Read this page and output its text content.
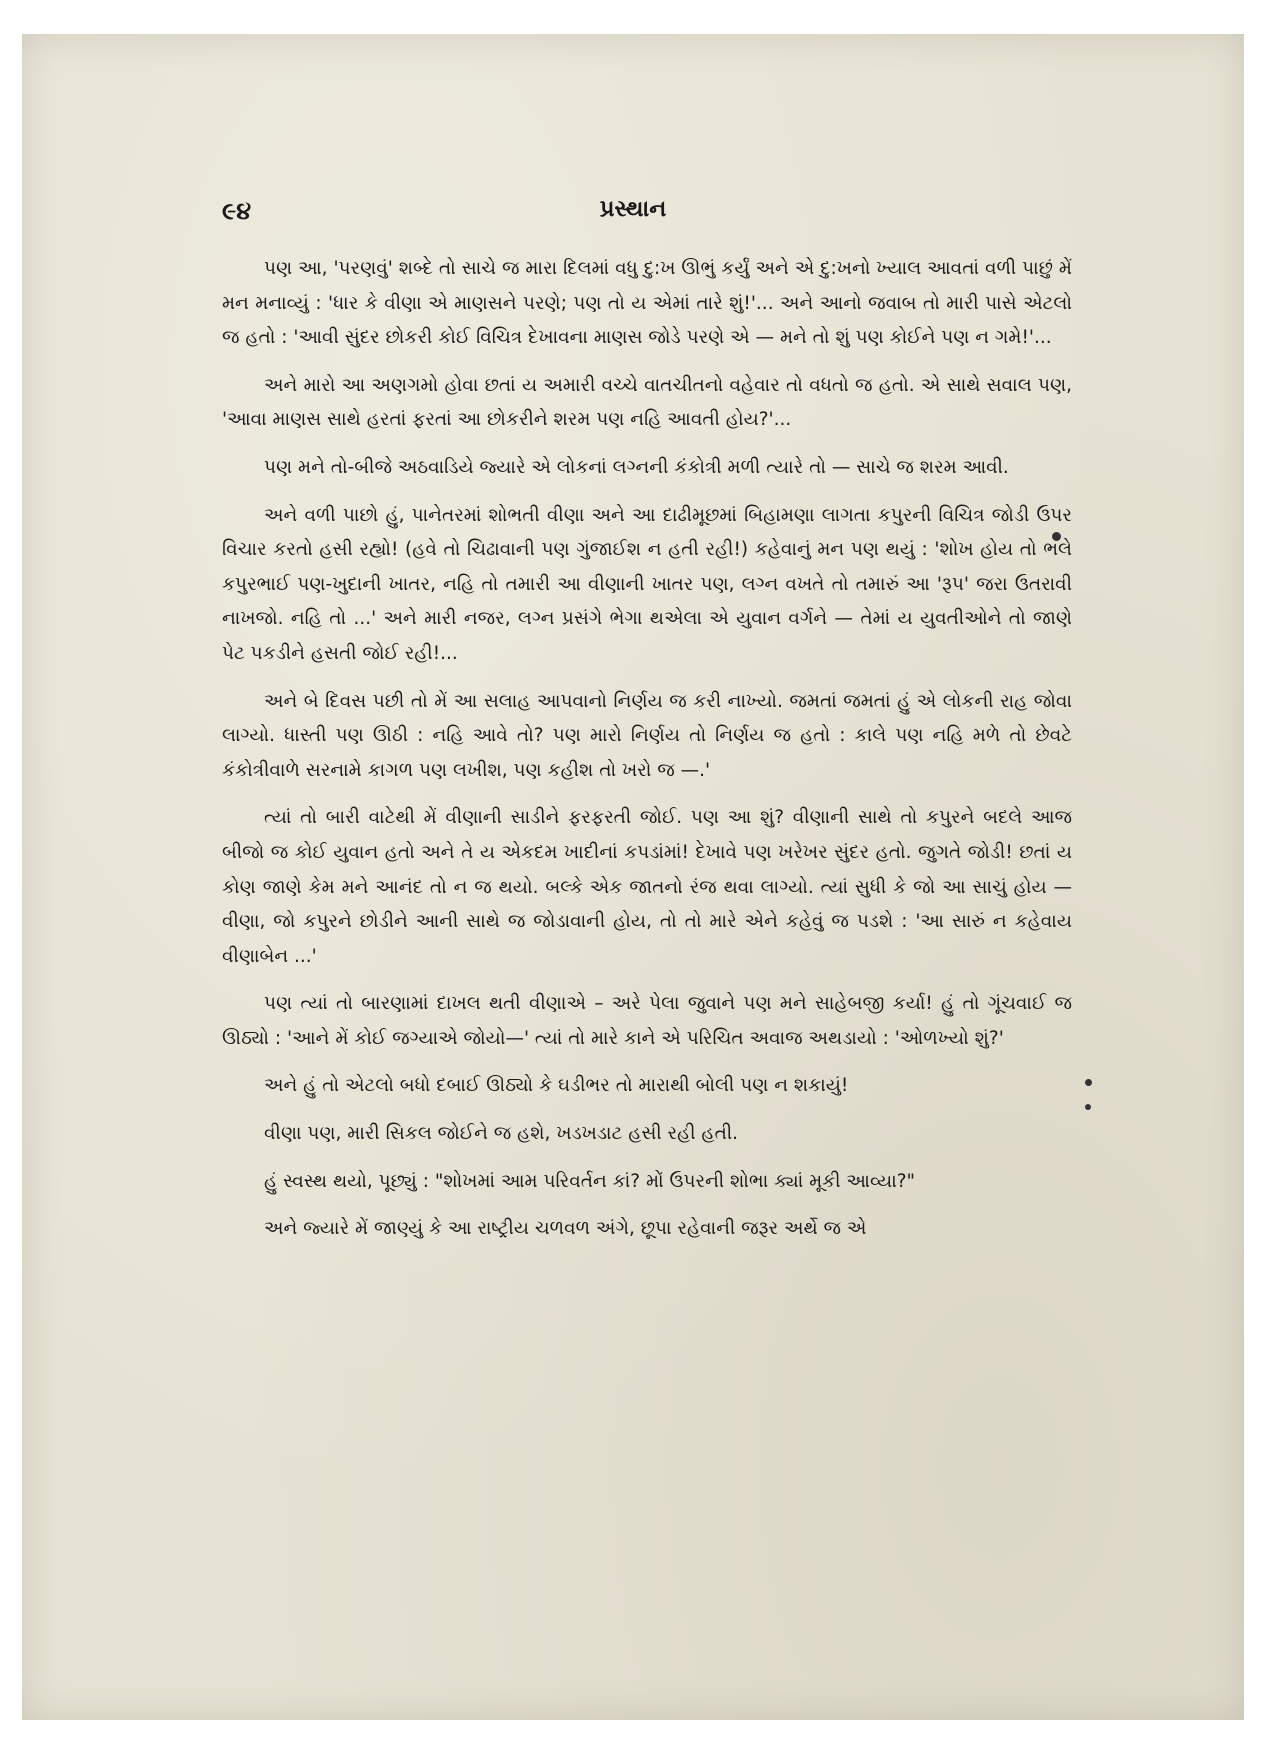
૯૪	પ્રસ્થાન

પણ આ, 'પરણવું' શબ્દે તો સાચે જ મારા દિલમાં વધુ દુ:ખ ઊભું કર્યું અને એ દુ:ખનો ખ્યાલ આવતાં વળી પાછું મેં મન મનાવ્યું : 'ધાર કે વીણા એ માણસને પરણે; પણ તો ય એમાં તારે શું!'... અને આનો જવાબ તો મારી પાસે એટલો જ હતો : 'આવી સુંદર છોકરી કોઈ વિચિત્ર દેખાવના માણસ જોડે પરણે એ — મને તો શું પણ કોઈને પણ ન ગમે!'...

અને મારો આ અણગમો હોવા છતાં ય અમારી વચ્ચે વાતચીતનો વહેવાર તો વધતો જ હતો. એ સાથે સવાલ પણ, 'આવા માણસ સાથે હરતાં ફરતાં આ છોકરીને શરમ પણ નહિ આવતી હોય?'...

પણ મને તો-બીજે અઠવાડિયે જ્યારે એ લોકનાં લગ્નની કંકોત્રી મળી ત્યારે તો — સાચે જ શરમ આવી.

અને વળી પાછો હું, પાનેતરમાં શોભતી વીણા અને આ દાઢીમૂછમાં બિહામણા લાગતા કપુરની વિચિત્ર જોડી ઉપર વિચાર કરતો હસી રહ્યો! (હવે તો ચિઢાવાની પણ ગુંજાઈશ ન હતી રહી!) કહેવાનું મન પણ થયું : 'શોખ હોય તો ભલે કપુરભાઈ પણ-ખુદાની ખાતર, નહિ તો તમારી આ વીણાની ખાતર પણ, લગ્ન વખતે તો તમારું આ 'રૂપ' જરા ઉતરાવી નાખજો. નહિ તો ...' અને મારી નજર, લગ્ન પ્રસંગે ભેગા થએલા એ યુવાન વર્ગને — તેમાં ય યુવતીઓને તો જાણે પેટ પકડીને હસતી જોઈ રહી!...

અને બે દિવસ પછી તો મેં આ સલાહ આપવાનો નિર્ણય જ કરી નાખ્યો. જમતાં જમતાં હું એ લોકની રાહ જોવા લાગ્યો. ધાસ્તી પણ ઊઠી : નહિ આવે તો? પણ મારો નિર્ણય તો નિર્ણય જ હતો : કાલે પણ નહિ મળે તો છેવટે કંકોત્રીવાળે સરનામે કાગળ પણ લખીશ, પણ કહીશ તો ખરો જ —.'

ત્યાં તો બારી વાટેથી મેં વીણાની સાડીને ફરફરતી જોઈ. પણ આ શું? વીણાની સાથે તો કપુરને બદલે આજ બીજો જ કોઈ યુવાન હતો અને તે ય એકદમ ખાદીનાં કપડાંમાં! દેખાવે પણ ખરેખર સુંદર હતો. જુગતે જોડી! છતાં ય કોણ જાણે કેમ મને આનંદ તો ન જ થયો. બલ્કે એક જાતનો રંજ થવા લાગ્યો. ત્યાં સુધી કે જો આ સાચું હોય — વીણા, જો કપુરને છોડીને આની સાથે જ જોડાવાની હોય, તો તો મારે એને કહેવું જ પડશે : 'આ સારું ન કહેવાય વીણાબેન ...'

પણ ત્યાં તો બારણામાં દાખલ થતી વીણાએ – અરે પેલા જુવાને પણ મને સાહેબજી કર્યા! હું તો ગૂંચવાઈ જ ઊઠ્યો : 'આને મેં કોઈ જગ્યાએ જોયો—' ત્યાં તો મારે કાને એ પરિચિત અવાજ અથડાયો : 'ઓળખ્યો શું?'

અને હું તો એટલો બધો દબાઈ ઊઠ્યો કે ઘડીભર તો મારાથી બોલી પણ ન શકાયું!

વીણા પણ, મારી સિકલ જોઈને જ હશે, ખડખડાટ હસી રહી હતી.

હું સ્વસ્થ થયો, પૂછ્યું : "શોખમાં આમ પરિવર્તન કાં? મોં ઉપરની શોભા ક્યાં મૂકી આવ્યા?"

અને જ્યારે મેં જાણ્યું કે આ રાષ્ટ્રીય ચળવળ અંગે, છૂપા રહેવાની જરૂર અર્થે જ એ
